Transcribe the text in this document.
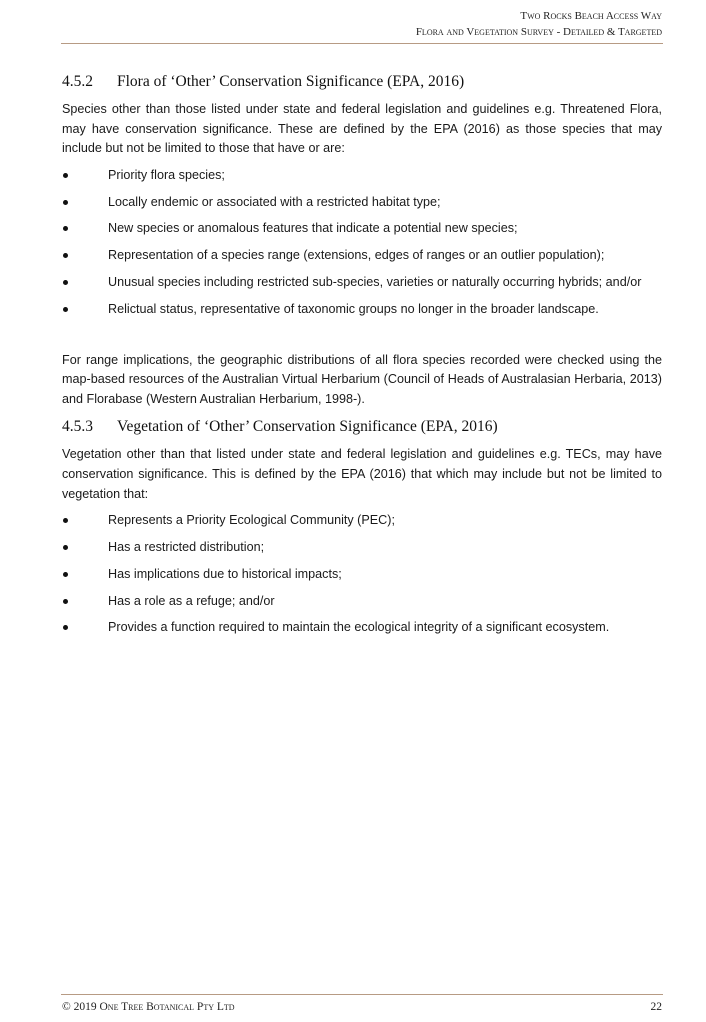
Two Rocks Beach Access Way
Flora and Vegetation Survey - Detailed & Targeted
4.5.2 Flora of ‘Other’ Conservation Significance (EPA, 2016)

Species other than those listed under state and federal legislation and guidelines e.g. Threatened Flora, may have conservation significance. These are defined by the EPA (2016) as those species that may include but not be limited to those that have or are:

Priority flora species;
Locally endemic or associated with a restricted habitat type;
New species or anomalous features that indicate a potential new species;
Representation of a species range (extensions, edges of ranges or an outlier population);
Unusual species including restricted sub-species, varieties or naturally occurring hybrids; and/or
Relictual status, representative of taxonomic groups no longer in the broader landscape.

For range implications, the geographic distributions of all flora species recorded were checked using the map-based resources of the Australian Virtual Herbarium (Council of Heads of Australasian Herbaria, 2013) and Florabase (Western Australian Herbarium, 1998-).

4.5.3 Vegetation of ‘Other’ Conservation Significance (EPA, 2016)

Vegetation other than that listed under state and federal legislation and guidelines e.g. TECs, may have conservation significance. This is defined by the EPA (2016) that which may include but not be limited to vegetation that:

Represents a Priority Ecological Community (PEC);
Has a restricted distribution;
Has implications due to historical impacts;
Has a role as a refuge; and/or
Provides a function required to maintain the ecological integrity of a significant ecosystem.
© 2019 One Tree Botanical Pty Ltd	22
